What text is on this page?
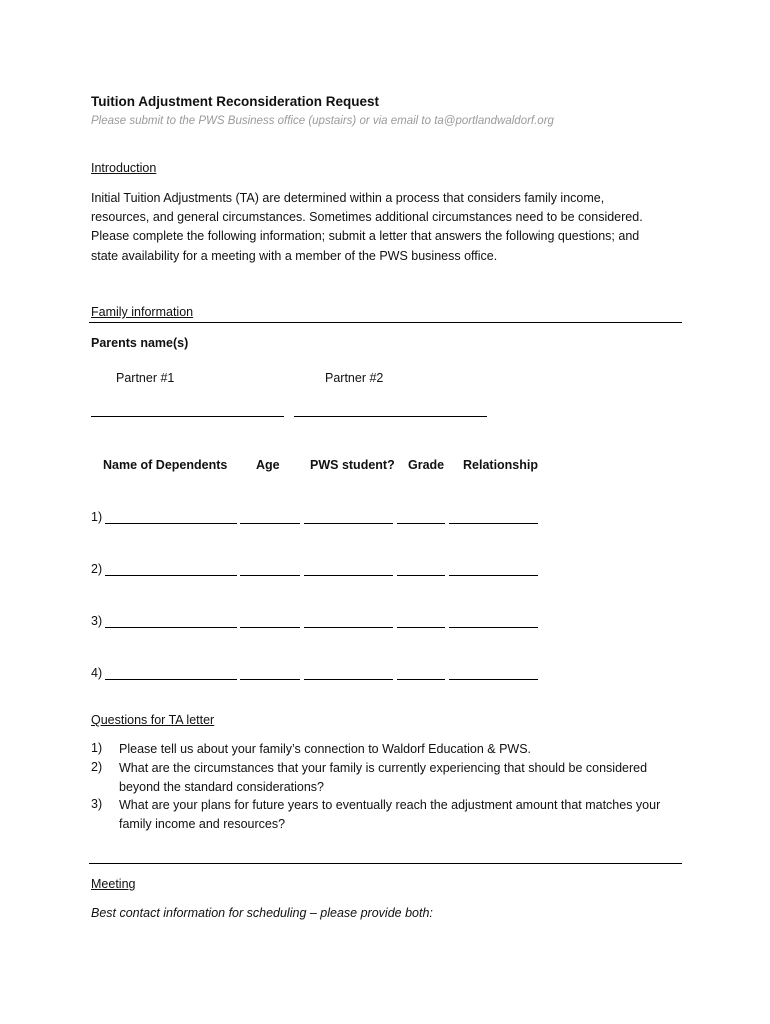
Tuition Adjustment Reconsideration Request
Please submit to the PWS Business office (upstairs) or via email to ta@portlandwaldorf.org
Introduction
Initial Tuition Adjustments (TA) are determined within a process that considers family income,
resources, and general circumstances. Sometimes additional circumstances need to be considered.
Please complete the following information; submit a letter that answers the following questions; and
state availability for a meeting with a member of the PWS business office.
Family information
Parents name(s)
Partner #1	Partner #2
Name of Dependents Age PWS student? Grade Relationship
1)
2)
3)
4)
Questions for TA letter
1) Please tell us about your family’s connection to Waldorf Education & PWS.
2) What are the circumstances that your family is currently experiencing that should be considered
beyond the standard considerations?
3) What are your plans for future years to eventually reach the adjustment amount that matches your
family income and resources?
Meeting
Best contact information for scheduling – please provide both:
